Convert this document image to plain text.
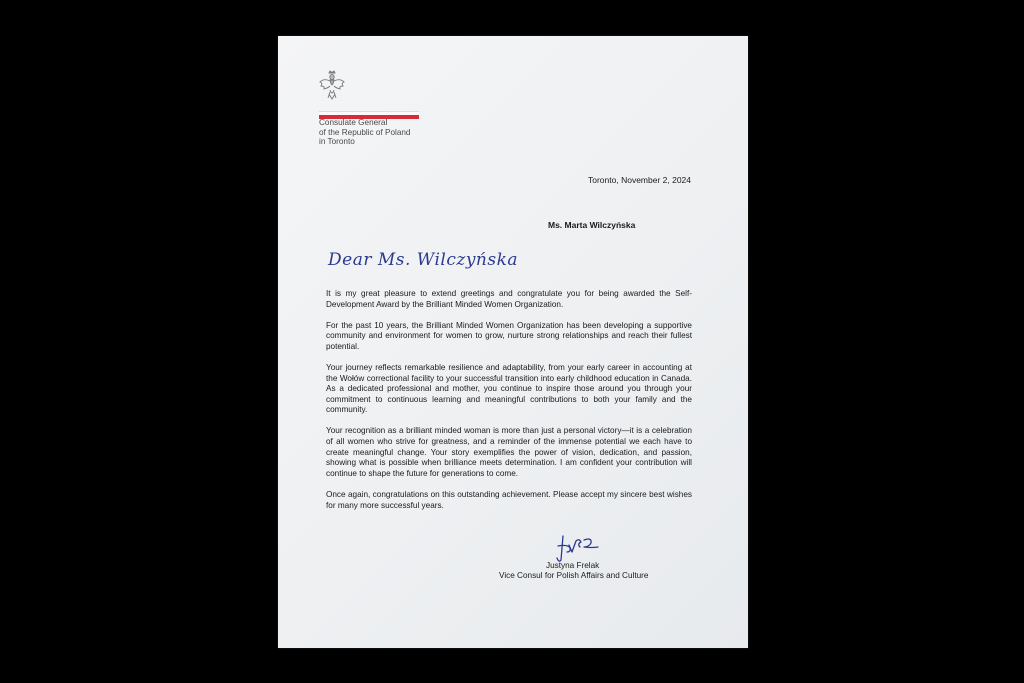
Consulate General
of the Republic of Poland
in Toronto
Toronto, November 2, 2024
Ms. Marta Wilczyńska
Dear Ms. Wilczyńska

It is my great pleasure to extend greetings and congratulate you for being awarded the Self-Development Award by the Brilliant Minded Women Organization.

For the past 10 years, the Brilliant Minded Women Organization has been developing a supportive community and environment for women to grow, nurture strong relationships and reach their fullest potential.

Your journey reflects remarkable resilience and adaptability, from your early career in accounting at the Wołów correctional facility to your successful transition into early childhood education in Canada. As a dedicated professional and mother, you continue to inspire those around you through your commitment to continuous learning and meaningful contributions to both your family and the community.

Your recognition as a brilliant minded woman is more than just a personal victory—it is a celebration of all women who strive for greatness, and a reminder of the immense potential we each have to create meaningful change. Your story exemplifies the power of vision, dedication, and passion, showing what is possible when brilliance meets determination. I am confident your contribution will continue to shape the future for generations to come.

Once again, congratulations on this outstanding achievement. Please accept my sincere best wishes for many more successful years.

Justyna Frelak
Vice Consul for Polish Affairs and Culture
